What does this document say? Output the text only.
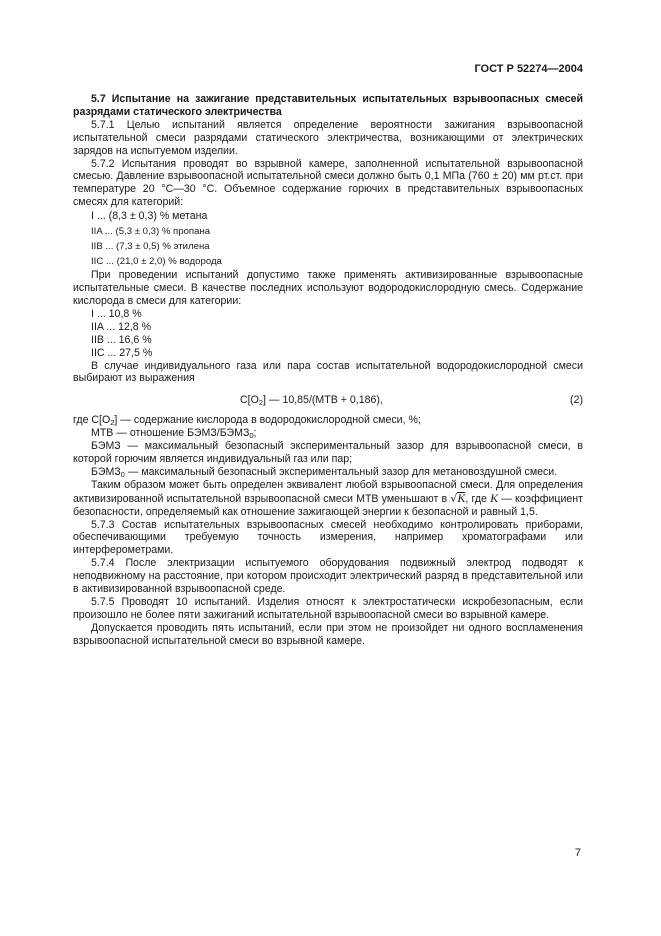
ГОСТ Р 52274—2004

5.7 Испытание на зажигание представительных испытательных взрывоопасных смесей разрядами статического электричества

5.7.1 Целью испытаний является определение вероятности зажигания взрывоопасной испытательной смеси разрядами статического электричества, возникающими от электрических зарядов на испытуемом изделии.

5.7.2 Испытания проводят во взрывной камере, заполненной испытательной взрывоопасной смесью. Давление взрывоопасной испытательной смеси должно быть 0,1 МПа (760 ± 20) мм рт.ст. при температуре 20 °С—30 °С. Объемное содержание горючих в представительных взрывоопасных смесях для категорий:

I ... (8,3 ± 0,3) % метана

IIA ... (5,3 ± 0,3) % пропана

IIB ... (7,3 ± 0,5) % этилена

IIC ... (21,0 ± 2,0) % водорода

При проведении испытаний допустимо также применять активизированные взрывоопасные испытательные смеси. В качестве последних используют водородокислородную смесь. Содержание кислорода в смеси для категории:

I ... 10,8 %

IIA ... 12,8 %

IIB ... 16,6 %

IIC ... 27,5 %

В случае индивидуального газа или пара состав испытательной водородокислородной смеси выбирают из выражения

$C[O_2]$ — 10,85/(МТВ + 0,186),	(2)

где $C[O_2]$ — содержание кислорода в водородокислородной смеси, %;

МТВ — отношение БЭМЗ/$БЭМЗ_0$;

БЭМЗ — максимальный безопасный экспериментальный зазор для взрывоопасной смеси, в которой горючим является индивидуальный газ или пар;

$БЭМЗ_0$ — максимальный безопасный экспериментальный зазор для метановоздушной смеси.

Таким образом может быть определен эквивалент любой взрывоопасной смеси. Для определения активизированной испытательной взрывоопасной смеси МТВ уменьшают в √K, где K — коэффициент безопасности, определяемый как отношение зажигающей энергии к безопасной и равный 1,5.

5.7.3 Состав испытательных взрывоопасных смесей необходимо контролировать приборами, обеспечивающими требуемую точность измерения, например хроматографами или интерферометрами.

5.7.4 После электризации испытуемого оборудования подвижный электрод подводят к неподвижному на расстояние, при котором происходит электрический разряд в представительной или в активизированной взрывоопасной среде.

5.7.5 Проводят 10 испытаний. Изделия относят к электростатически искробезопасным, если произошло не более пяти зажиганий испытательной взрывоопасной смеси во взрывной камере.

Допускается проводить пять испытаний, если при этом не произойдет ни одного воспламенения взрывоопасной испытательной смеси во взрывной камере.

7
